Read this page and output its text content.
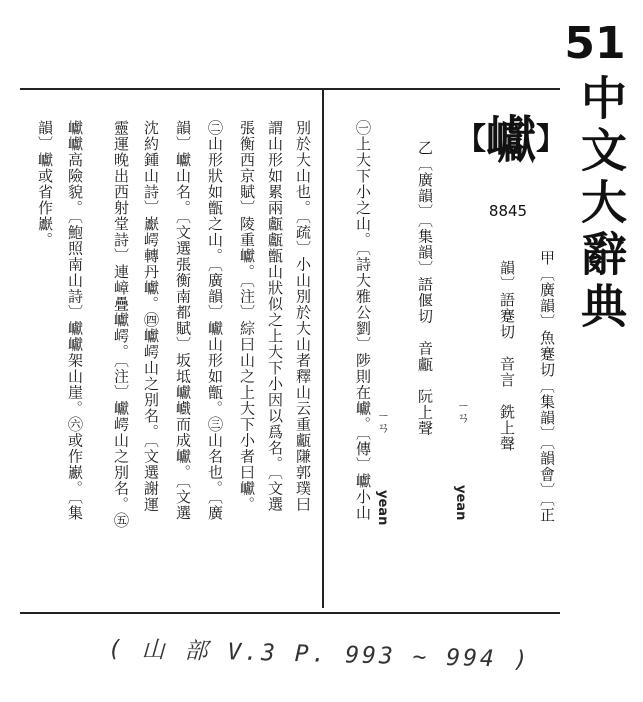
51
中文大辭典
【 巘 】
8845
甲〔廣韻〕魚蹇切〔集韻〕〔韻會〕〔正
韻〕語蹇切　音言　銑上聲
ㄧㄢ
yean
乙〔廣韻〕〔集韻〕語偃切　音甗　阮上聲
ㄧㄢ
yean
㊀上大下小之山。〔詩大雅公劉〕陟則在巘。〔傳〕巘小山
別於大山也。〔疏〕小山別於大山者釋山云重甗隒郭璞曰
謂山形如累兩甗甗甑山狀似之上大下小因以爲名。〔文選
張衡西京賦〕陵重巘。〔注〕綜曰山之上大下小者曰巘。
㊁山形狀如甑之山。〔廣韻〕巘山形如甑。㊂山名也。〔廣
韻〕巘山名。〔文選張衡南都賦〕坂坻巘巇而成巘。〔文選
沈約鍾山詩〕巚崿轉丹巘。㊃巘崿山之別名。〔文選謝運
靈運晚出西射堂詩〕連嶂疊巘崿。〔注〕巘崿山之別名。㊄
巘巘高險貌。〔鮑照南山詩〕巘巘架山崖。㊅或作巚。〔集
韻〕巘或省作巚。
( 山 部 V.3 P. 993 ~ 994 )
